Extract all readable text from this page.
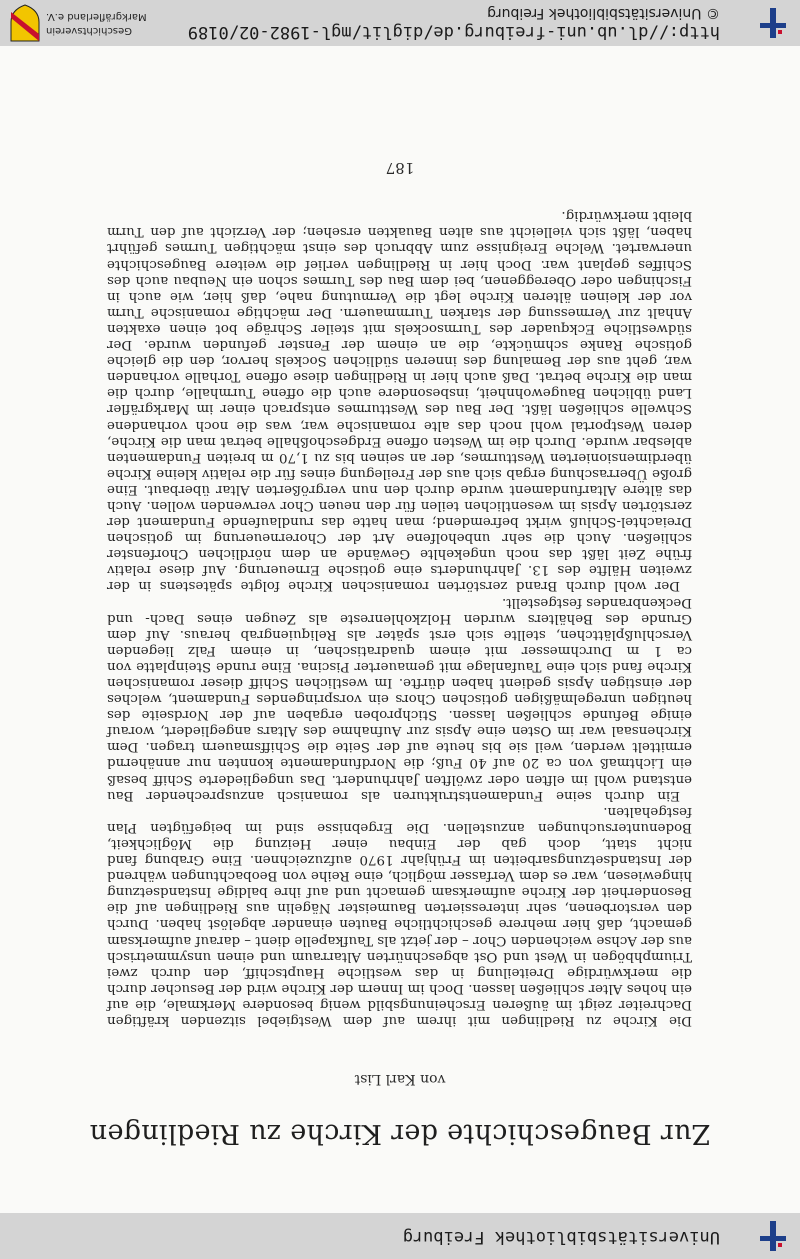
Universitätsbibliothek Freiburg
Zur Baugeschichte der Kirche zu Riedlingen
von Karl List

Die Kirche zu Riedlingen mit ihrem auf dem Westgiebel sitzenden kräftigen Dachreiter zeigt im äußeren Erscheinungsbild wenig besondere Merkmale, die auf ein hohes Alter schließen lassen. Doch im Innern der Kirche wird der Besucher durch die merkwürdige Dreiteilung in das westliche Hauptschiff, den durch zwei Triumphbögen in West und Ost abgeschnürten Altarraum und einen unsymmetrisch aus der Achse weichenden Chor – der jetzt als Taufkapelle dient – darauf aufmerksam gemacht, daß hier mehrere geschichtliche Bauten einander abgelöst haben. Durch den verstorbenen, sehr interessierten Baumeister Nägelin aus Riedlingen auf die Besonderheit der Kirche aufmerksam gemacht und auf ihre baldige Instandsetzung hingewiesen, war es dem Verfasser möglich, eine Reihe von Beobachtungen während der Instandsetzungsarbeiten im Frühjahr 1970 aufzuzeichnen. Eine Grabung fand nicht statt, doch gab der Einbau einer Heizung die Möglichkeit, Bodenuntersuchungen anzustellen. Die Ergebnisse sind im beigefügten Plan festgehalten.

Ein durch seine Fundamentstrukturen als romanisch anzusprechender Bau entstand wohl im elften oder zwölften Jahrhundert. Das ungegliederte Schiff besaß ein Lichtmaß von ca 20 auf 40 Fuß; die Nordfundamente konnten nur annähernd ermittelt werden, weil sie bis heute auf der Seite die Schiffsmauern tragen. Dem Kirchensaal war im Osten eine Apsis zur Aufnahme des Altars angegliedert, worauf einige Befunde schließen lassen. Stichproben ergaben auf der Nordseite des heutigen unregelmäßigen gotischen Chors ein vorspringendes Fundament, welches der einstigen Apsis gedient haben dürfte. Im westlichen Schiff dieser romanischen Kirche fand sich eine Taufanlage mit gemauerter Piscina. Eine runde Steinplatte von ca 1 m Durchmesser mit einem quadratischen, in einem Falz liegenden Verschlußplättchen, stellte sich erst später als Reliquiengrab heraus. Auf dem Grunde des Behälters wurden Holzkohlenreste als Zeugen eines Dach- und Deckenbrandes festgestellt.

Der wohl durch Brand zerstörten romanischen Kirche folgte spätestens in der zweiten Hälfte des 13. Jahrhunderts eine gotische Erneuerung. Auf diese relativ frühe Zeit läßt das noch ungekehlte Gewände an dem nördlichen Chorfenster schließen. Auch die sehr unbeholfene Art der Chorerneuerung im gotischen Dreiachtel-Schluß wirkt befremdend; man hatte das rundlaufende Fundament der zerstörten Apsis im wesentlichen teilen für den neuen Chor verwenden wollen. Auch das ältere Altarfundament wurde durch den nun vergrößerten Altar überbaut. Eine große Überraschung ergab sich aus der Freilegung eines für die relativ kleine Kirche überdimensionierten Westturmes, der an seinen bis zu 1,70 m breiten Fundamenten ablesbar wurde. Durch die im Westen offene Erdgeschoßhalle betrat man die Kirche, deren Westportal wohl noch das alte romanische war, was die noch vorhandene Schwelle schließen läßt. Der Bau des Westturmes entsprach einer im Markgräfler Land üblichen Baugewohnheit, insbesondere auch die offene Turmhalle, durch die man die Kirche betrat. Daß auch hier in Riedlingen diese offene Torhalle vorhanden war, geht aus der Bemalung des inneren südlichen Sockels hervor, den die gleiche gotische Ranke schmückte, die an einem der Fenster gefunden wurde. Der südwestliche Eckquader des Turmsockels mit steiler Schräge bot einen exakten Anhalt zur Vermessung der starken Turmmauern. Der mächtige romanische Turm vor der kleinen älteren Kirche legt die Vermutung nahe, daß hier, wie auch in Fischingen oder Obereggenen, bei dem Bau des Turmes schon ein Neubau auch des Schiffes geplant war. Doch hier in Riedlingen verlief die weitere Baugeschichte unerwartet. Welche Ereignisse zum Abbruch des einst mächtigen Turmes geführt haben, läßt sich vielleicht aus alten Bauakten ersehen; der Verzicht auf den Turm bleibt merkwürdig.

187
http://dl.ub.uni-freiburg.de/diglit/mgl-1982-02/0189
© Universitätsbibliothek Freiburg
Geschichtsverein
Markgräflerland e.V.
